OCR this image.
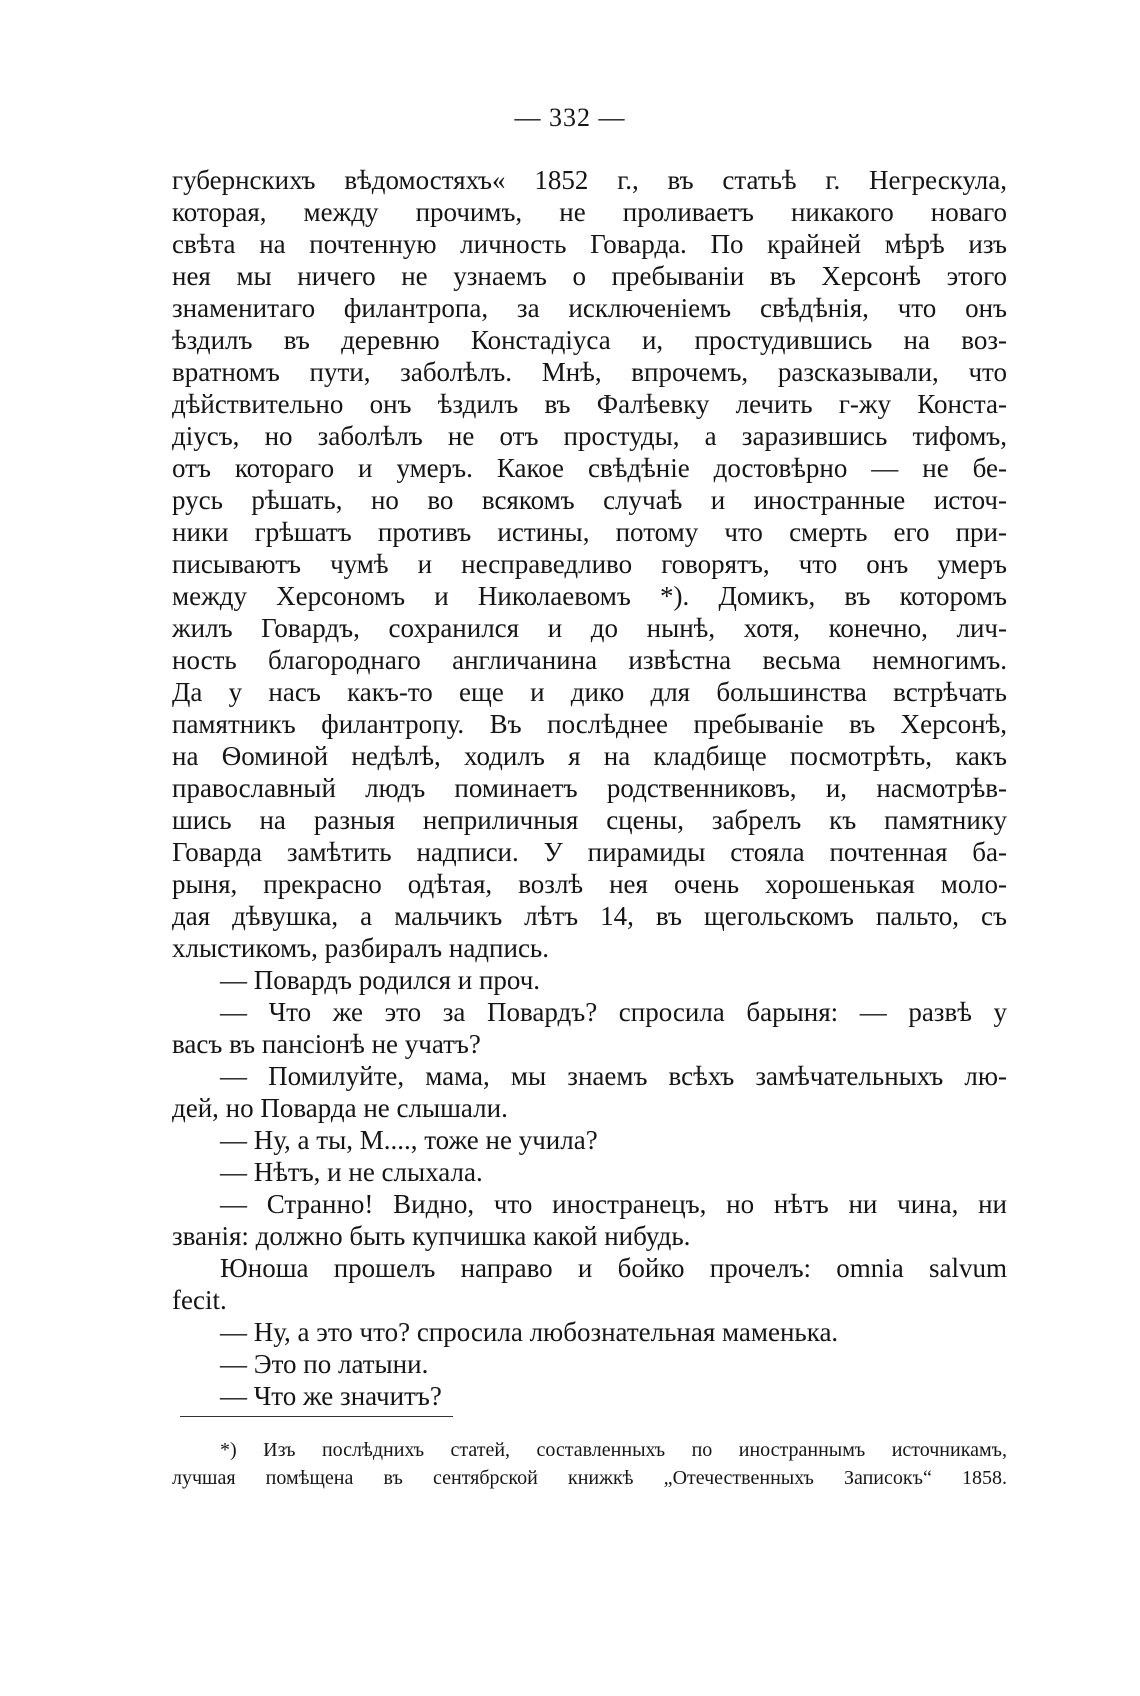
— 332 —
губернскихъ вѣдомостяхъ« 1852 г., въ статьѣ г. Негрескула,
которая, между прочимъ, не проливаетъ никакого новаго
свѣта на почтенную личность Говарда. По крайней мѣрѣ изъ
нея мы ничего не узнаемъ о пребываніи въ Херсонѣ этого
знаменитаго филантропа, за исключеніемъ свѣдѣнія, что онъ
ѣздилъ въ деревню Констадіуса и, простудившись на воз-
вратномъ пути, заболѣлъ. Мнѣ, впрочемъ, разсказывали, что
дѣйствительно онъ ѣздилъ въ Фалѣевку лечить г-жу Конста-
діусъ, но заболѣлъ не отъ простуды, а заразившись тифомъ,
отъ котораго и умеръ. Какое свѣдѣніе достовѣрно — не бе-
русь рѣшать, но во всякомъ случаѣ и иностранные источ-
ники грѣшатъ противъ истины, потому что смерть его при-
писываютъ чумѣ и несправедливо говорятъ, что онъ умеръ
между Херсономъ и Николаевомъ *). Домикъ, въ которомъ
жилъ Говардъ, сохранился и до нынѣ, хотя, конечно, лич-
ность благороднаго англичанина извѣстна весьма немногимъ.
Да у насъ какъ-то еще и дико для большинства встрѣчать
памятникъ филантропу. Въ послѣднее пребываніе въ Херсонѣ,
на Ѳоминой недѣлѣ, ходилъ я на кладбище посмотрѣть, какъ
православный людъ поминаетъ родственниковъ, и, насмотрѣв-
шись на разныя неприличныя сцены, забрелъ къ памятнику
Говарда замѣтить надписи. У пирамиды стояла почтенная ба-
рыня, прекрасно одѣтая, возлѣ нея очень хорошенькая моло-
дая дѣвушка, а мальчикъ лѣтъ 14, въ щегольскомъ пальто, съ
хлыстикомъ, разбиралъ надпись.
— Повардъ родился и проч.
— Что же это за Повардъ? спросила барыня: — развѣ у
васъ въ пансіонѣ не учатъ?
— Помилуйте, мама, мы знаемъ всѣхъ замѣчательныхъ лю-
дей, но Поварда не слышали.
— Ну, а ты, М...., тоже не учила?
— Нѣтъ, и не слыхала.
— Странно! Видно, что иностранецъ, но нѣтъ ни чина, ни
званія: должно быть купчишка какой нибудь.
Юноша прошелъ направо и бойко прочелъ: omnia salvum
fecit.
— Ну, а это что? спросила любознательная маменька.
— Это по латыни.
— Что же значитъ?
*) Изъ послѣднихъ статей, составленныхъ по иностраннымъ источникамъ,
лучшая помѣщена въ сентябрской книжкѣ „Отечественныхъ Записокъ“ 1858.
